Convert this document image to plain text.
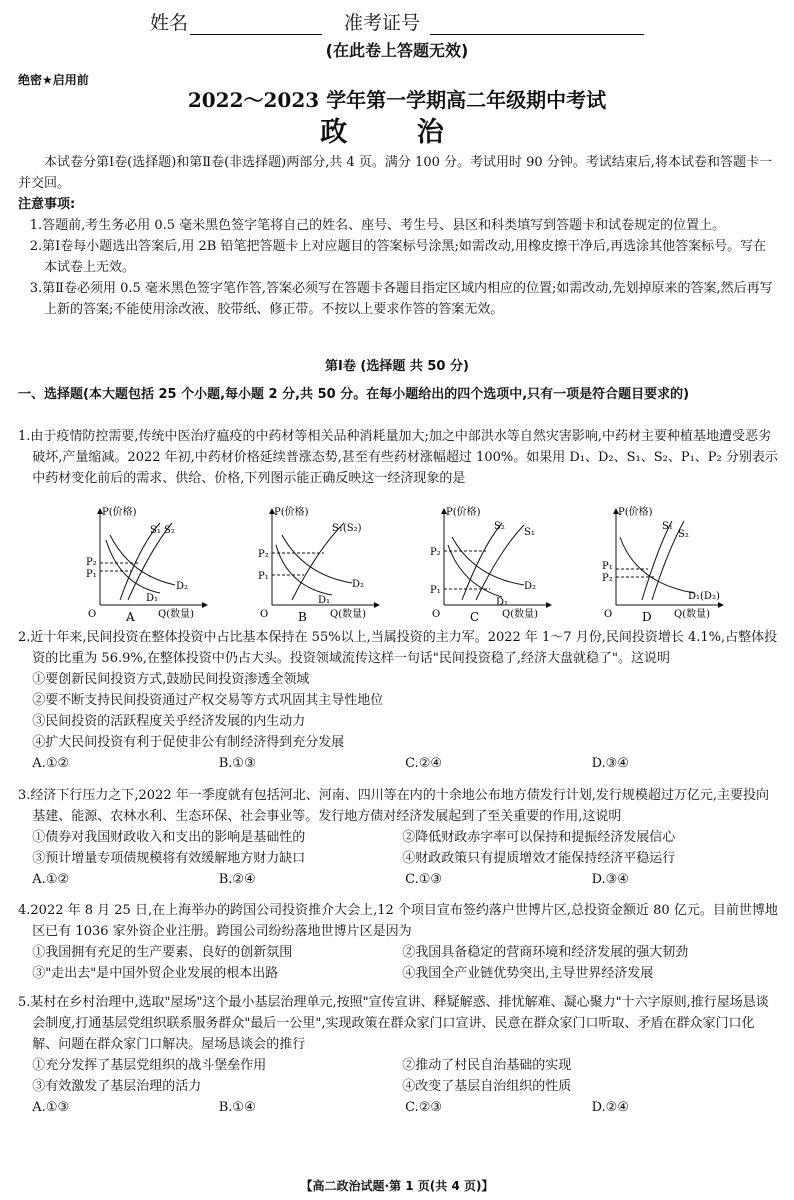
姓名	准考证号
(在此卷上答题无效)
绝密★启用前
2022～2023 学年第一学期高二年级期中考试
政 治
本试卷分第Ⅰ卷(选择题)和第Ⅱ卷(非选择题)两部分,共 4 页。满分 100 分。考试用时 90 分钟。考试结束后,将本试卷和答题卡一并交回。
注意事项:
1.答题前,考生务必用 0.5 毫米黑色签字笔将自己的姓名、座号、考生号、县区和科类填写到答题卡和试卷规定的位置上。
2.第Ⅰ卷每小题选出答案后,用 2B 铅笔把答题卡上对应题目的答案标号涂黑;如需改动,用橡皮擦干净后,再选涂其他答案标号。写在本试卷上无效。
3.第Ⅱ卷必须用 0.5 毫米黑色签字笔作答,答案必须写在答题卡各题目指定区域内相应的位置;如需改动,先划掉原来的答案,然后再写上新的答案;不能使用涂改液、胶带纸、修正带。不按以上要求作答的答案无效。
第Ⅰ卷 (选择题 共 50 分)
一、选择题(本大题包括 25 个小题,每小题 2 分,共 50 分。在每小题给出的四个选项中,只有一项是符合题目要求的)
1.由于疫情防控需要,传统中医治疗瘟疫的中药材等相关品种消耗量加大;加之中部洪水等自然灾害影响,中药材主要种植基地遭受恶劣破坏,产量缩减。2022 年初,中药材价格延续普涨态势,甚至有些药材涨幅超过 100%。如果用 D₁、D₂、S₁、S₂、P₁、P₂ 分别表示中药材变化前后的需求、供给、价格,下列图示能正确反映这一经济现象的是
P(价格)
Q(数量)
O
S₁ S₂
D₁
D₂
P₂
P₁
A
P(价格)
Q(数量)
O
S₁(S₂)
D₁
D₂
P₂
P₁
B
P(价格)
Q(数量)
O
S₂
S₁
D₁
D₂
P₂
P₁
C
P(价格)
Q(数量)
O
S₁
S₂
D₁(D₂)
P₁
P₂
D
2.近十年来,民间投资在整体投资中占比基本保持在 55%以上,当属投资的主力军。2022 年 1～7 月份,民间投资增长 4.1%,占整体投资的比重为 56.9%,在整体投资中仍占大头。投资领域流传这样一句话"民间投资稳了,经济大盘就稳了"。这说明
①要创新民间投资方式,鼓励民间投资渗透全领域
②要不断支持民间投资通过产权交易等方式巩固其主导性地位
③民间投资的活跃程度关乎经济发展的内生动力
④扩大民间投资有利于促使非公有制经济得到充分发展
A.①②	B.①③	C.②④	D.③④
3.经济下行压力之下,2022 年一季度就有包括河北、河南、四川等在内的十余地公布地方债发行计划,发行规模超过万亿元,主要投向基建、能源、农林水利、生态环保、社会事业等。发行地方债对经济发展起到了至关重要的作用,这说明
①债券对我国财政收入和支出的影响是基础性的	②降低财政赤字率可以保持和提振经济发展信心
③预计增量专项债规模将有效缓解地方财力缺口	④财政政策只有提质增效才能保持经济平稳运行
A.①②	B.②④	C.①③	D.③④
4.2022 年 8 月 25 日,在上海举办的跨国公司投资推介大会上,12 个项目宣布签约落户世博片区,总投资金额近 80 亿元。目前世博地区已有 1036 家外资企业注册。跨国公司纷纷落地世博片区是因为
①我国拥有充足的生产要素、良好的创新氛围	②我国具备稳定的营商环境和经济发展的强大韧劲
③"走出去"是中国外贸企业发展的根本出路	④我国全产业链优势突出,主导世界经济发展
5.某村在乡村治理中,选取"屋场"这个最小基层治理单元,按照"宣传宣讲、释疑解惑、排忧解难、凝心聚力"十六字原则,推行屋场恳谈会制度,打通基层党组织联系服务群众"最后一公里",实现政策在群众家门口宣讲、民意在群众家门口听取、矛盾在群众家门口化解、问题在群众家门口解决。屋场恳谈会的推行
①充分发挥了基层党组织的战斗堡垒作用	②推动了村民自治基础的实现
③有效激发了基层治理的活力	④改变了基层自治组织的性质
A.①③	B.①④	C.②③	D.②④
【高二政治试题·第 1 页(共 4 页)】
